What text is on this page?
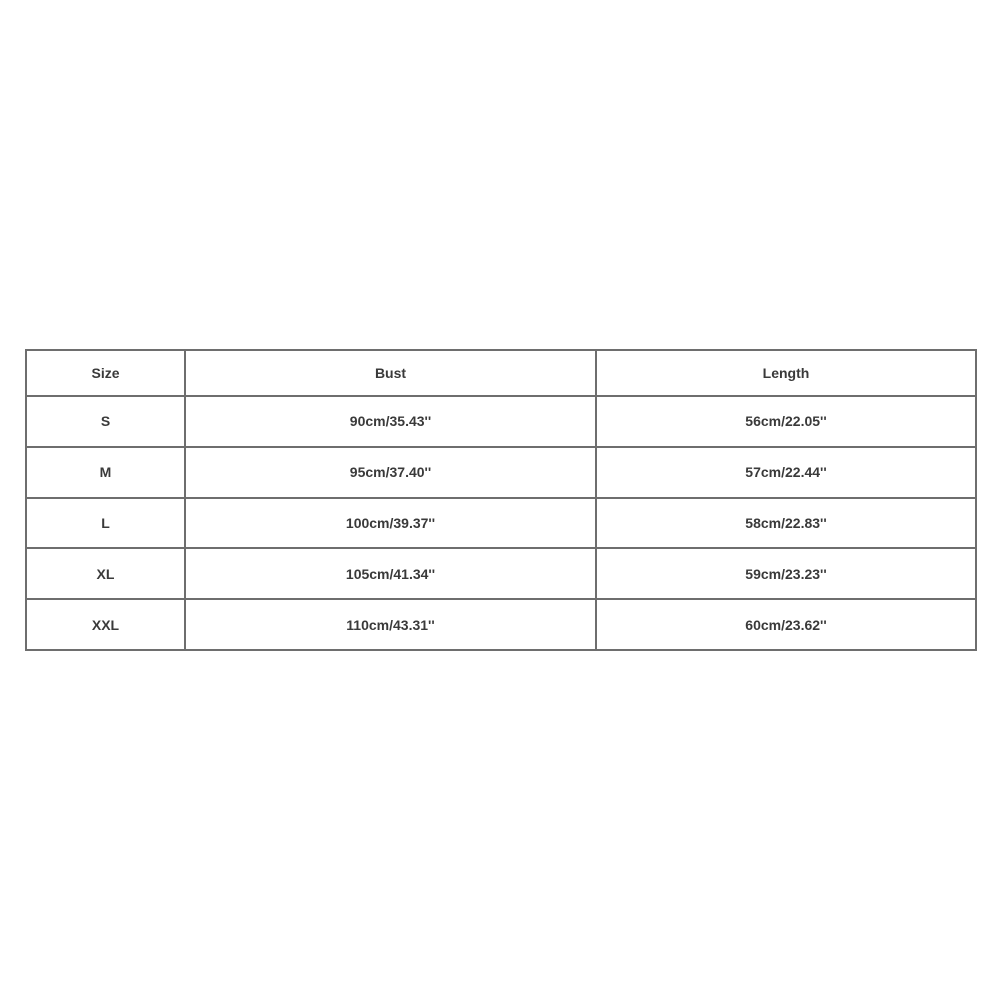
Size	Bust	Length
S	90cm/35.43''	56cm/22.05''
M	95cm/37.40''	57cm/22.44''
L	100cm/39.37''	58cm/22.83''
XL	105cm/41.34''	59cm/23.23''
XXL	110cm/43.31''	60cm/23.62''
